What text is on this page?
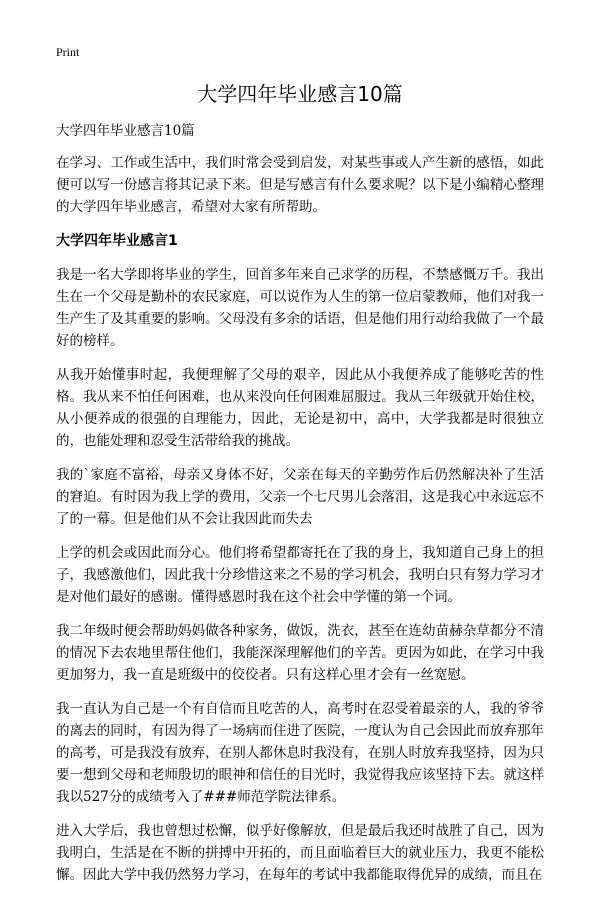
Print
大学四年毕业感言10篇

大学四年毕业感言10篇

在学习、工作或生活中，我们时常会受到启发，对某些事或人产生新的感悟，如此便可以写一份感言将其记录下来。但是写感言有什么要求呢？以下是小编精心整理的大学四年毕业感言，希望对大家有所帮助。

大学四年毕业感言1

我是一名大学即将毕业的学生，回首多年来自己求学的历程，不禁感慨万千。我出生在一个父母是勤朴的农民家庭，可以说作为人生的第一位启蒙教师，他们对我一生产生了及其重要的影响。父母没有多余的话语，但是他们用行动给我做了一个最好的榜样。

从我开始懂事时起，我便理解了父母的艰辛，因此从小我便养成了能够吃苦的性格。我从来不怕任何困难，也从来没向任何困难屈服过。我从三年级就开始住校，从小便养成的很强的自理能力，因此，无论是初中，高中，大学我都是时很独立的，也能处理和忍受生活带给我的挑战。

我的`家庭不富裕，母亲又身体不好，父亲在每天的辛勤劳作后仍然解决补了生活的窘迫。有时因为我上学的费用，父亲一个七尺男儿会落泪，这是我心中永远忘不了的一幕。但是他们从不会让我因此而失去

上学的机会或因此而分心。他们将希望都寄托在了我的身上，我知道自己身上的担子，我感激他们，因此我十分珍惜这来之不易的学习机会，我明白只有努力学习才是对他们最好的感谢。懂得感恩时我在这个社会中学懂的第一个词。

我二年级时便会帮助妈妈做各种家务，做饭，洗衣，甚至在连幼苗赫杂草都分不清的情况下去农地里帮住他们，我能深深理解他们的辛苦。更因为如此，在学习中我更加努力，我一直是班级中的佼佼者。只有这样心里才会有一丝宽慰。

我一直认为自己是一个有自信而且吃苦的人，高考时在忍受着最亲的人，我的爷爷的离去的同时，有因为得了一场病而住进了医院，一度认为自己会因此而放弃那年的高考，可是我没有放弃，在别人都休息时我没有，在别人时放弃我坚持，因为只要一想到父母和老师殷切的眼神和信任的目光时，我觉得我应该坚持下去。就这样我以527分的成绩考入了###师范学院法律系。

进入大学后，我也曾想过松懈，似乎好像解放，但是最后我还时战胜了自己，因为我明白，生活是在不断的拼搏中开拓的，而且面临着巨大的就业压力，我更不能松懈。因此大学中我仍然努力学习，在每年的考试中我都能取得优异的成绩，而且在
